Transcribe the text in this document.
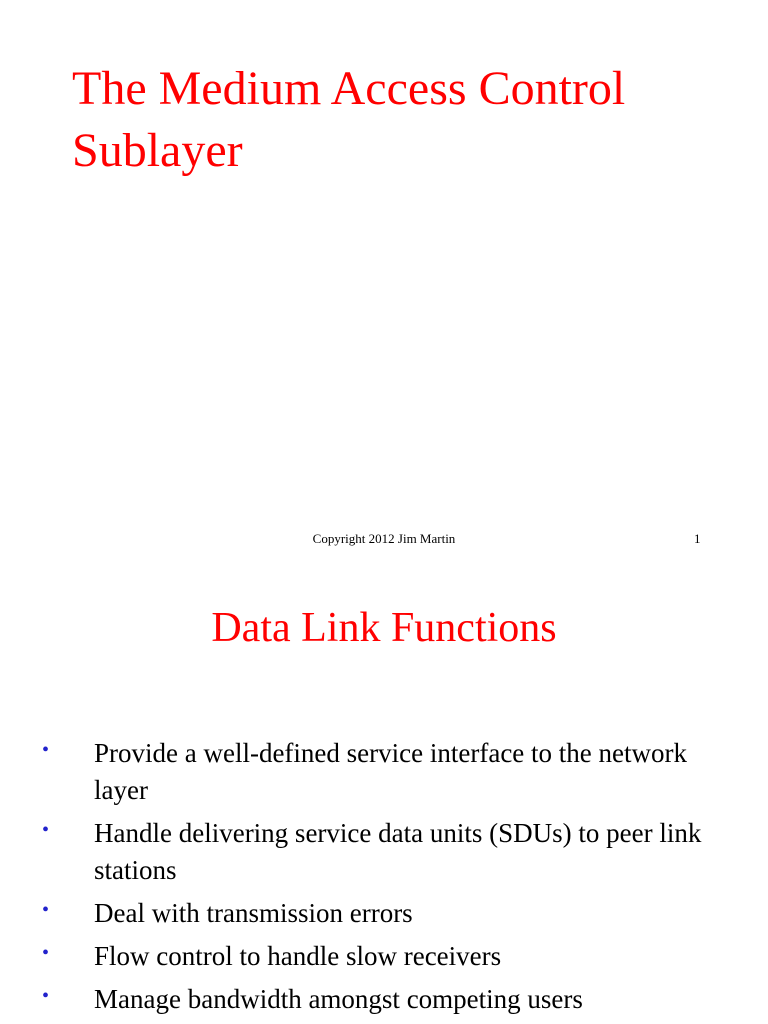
The Medium Access Control Sublayer
Copyright 2012 Jim Martin	1
Data Link Functions
• Provide a well-defined service interface to the network layer
• Handle delivering service data units (SDUs) to peer link stations
• Deal with transmission errors
• Flow control to handle slow receivers
• Manage bandwidth amongst competing users
